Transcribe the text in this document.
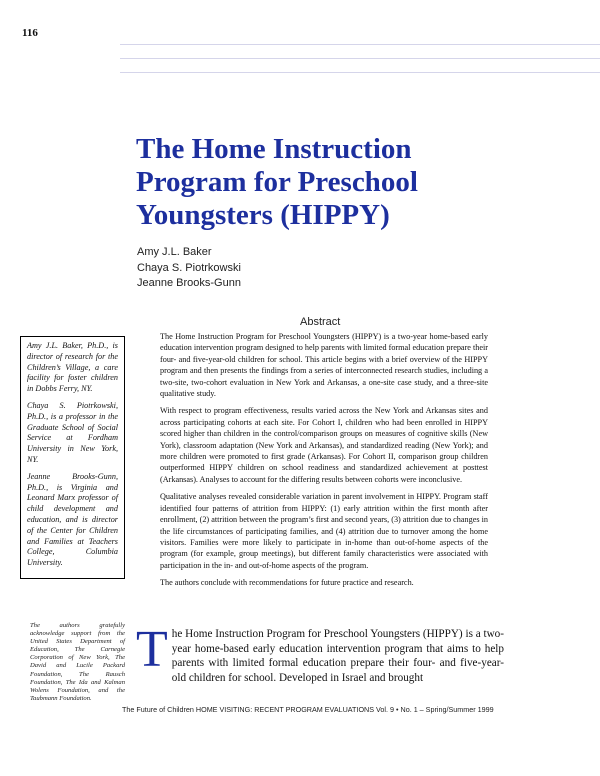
116
The Home Instruction
Program for Preschool
Youngsters (HIPPY)
Amy J.L. Baker
Chaya S. Piotrkowski
Jeanne Brooks-Gunn
Abstract

The Home Instruction Program for Preschool Youngsters (HIPPY) is a two-year home-based early education intervention program designed to help parents with limited formal education prepare their four- and five-year-old children for school. This article begins with a brief overview of the HIPPY program and then presents the findings from a series of interconnected research studies, including a two-site, two-cohort evaluation in New York and Arkansas, a one-site case study, and a three-site qualitative study.

With respect to program effectiveness, results varied across the New York and Arkansas sites and across participating cohorts at each site. For Cohort I, children who had been enrolled in HIPPY scored higher than children in the control/comparison groups on measures of cognitive skills (New York), classroom adaptation (New York and Arkansas), and standardized reading (New York); and more children were promoted to first grade (Arkansas). For Cohort II, comparison group children outperformed HIPPY children on school readiness and standardized achievement at posttest (Arkansas). Analyses to account for the differing results between cohorts were inconclusive.

Qualitative analyses revealed considerable variation in parent involvement in HIPPY. Program staff identified four patterns of attrition from HIPPY: (1) early attrition within the first month after enrollment, (2) attrition between the program’s first and second years, (3) attrition due to changes in the life circumstances of participating families, and (4) attrition due to turnover among the home visitors. Families were more likely to participate in in-home than out-of-home aspects of the program (for example, group meetings), but different family characteristics were associated with participation in the in- and out-of-home aspects of the program.

The authors conclude with recommendations for future practice and research.

Amy J.L. Baker, Ph.D., is director of research for the Children’s Village, a care facility for foster children in Dobbs Ferry, NY.

Chaya S. Piotrkowski, Ph.D., is a professor in the Graduate School of Social Service at Fordham University in New York, NY.

Jeanne Brooks-Gunn, Ph.D., is Virginia and Leonard Marx professor of child development and education, and is director of the Center for Children and Families at Teachers College, Columbia University.

The authors gratefully acknowledge support from the United States Department of Education, The Carnegie Corporation of New York, The David and Lucile Packard Foundation, The Rausch Foundation, The Ida and Kalman Wolens Foundation, and the Taubmann Foundation.
The Home Instruction Program for Preschool Youngsters (HIPPY) is a two-year home-based early education intervention program that aims to help parents with limited formal education prepare their four- and five-year-old children for school. Developed in Israel and brought
The Future of Children HOME VISITING: RECENT PROGRAM EVALUATIONS Vol. 9 • No. 1 – Spring/Summer 1999
